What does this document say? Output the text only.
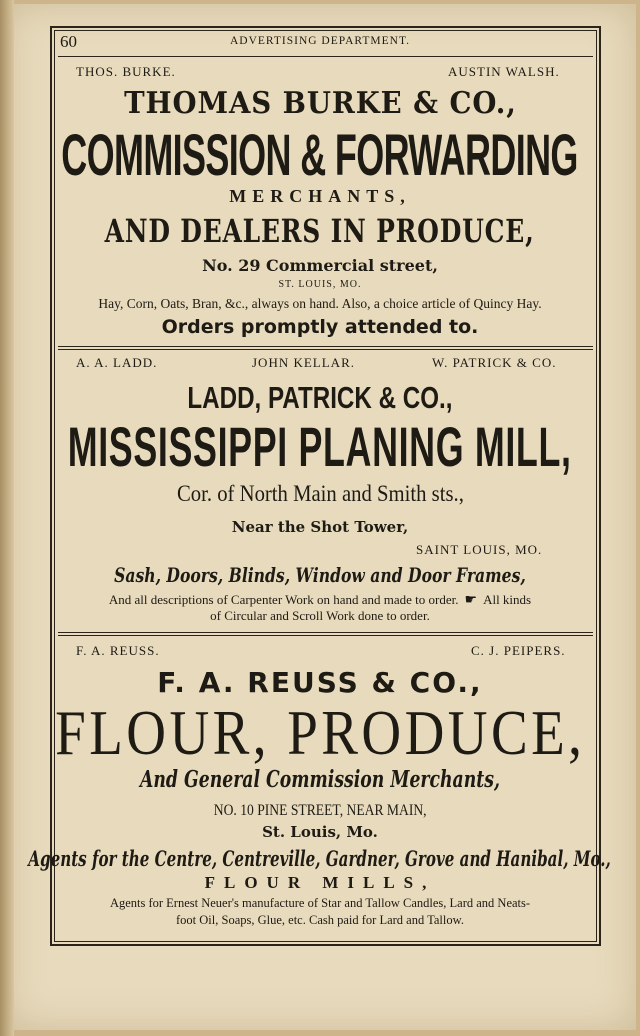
60	ADVERTISING DEPARTMENT.
THOS. BURKE.	AUSTIN WALSH.
THOMAS BURKE & CO.,
COMMISSION & FORWARDING
MERCHANTS,
AND DEALERS IN PRODUCE,
No. 29 Commercial street,
ST. LOUIS, MO.
Hay, Corn, Oats, Bran, &c., always on hand. Also, a choice article of Quincy Hay.
Orders promptly attended to.
A. A. LADD.	JOHN KELLAR.	W. PATRICK & CO.
LADD, PATRICK & CO.,
MISSISSIPPI PLANING MILL,
Cor. of North Main and Smith sts.,
Near the Shot Tower,
SAINT LOUIS, MO.
Sash, Doors, Blinds, Window and Door Frames,
And all descriptions of Carpenter Work on hand and made to order. ☛ All kinds
of Circular and Scroll Work done to order.
F. A. REUSS.	C. J. PEIPERS.
F. A. REUSS & CO.,
FLOUR, PRODUCE,
And General Commission Merchants,
NO. 10 PINE STREET, NEAR MAIN,
St. Louis, Mo.
Agents for the Centre, Centreville, Gardner, Grove and Hanibal, Mo.,
FLOUR MILLS,
Agents for Ernest Neuer's manufacture of Star and Tallow Candles, Lard and Neats-
foot Oil, Soaps, Glue, etc. Cash paid for Lard and Tallow.
